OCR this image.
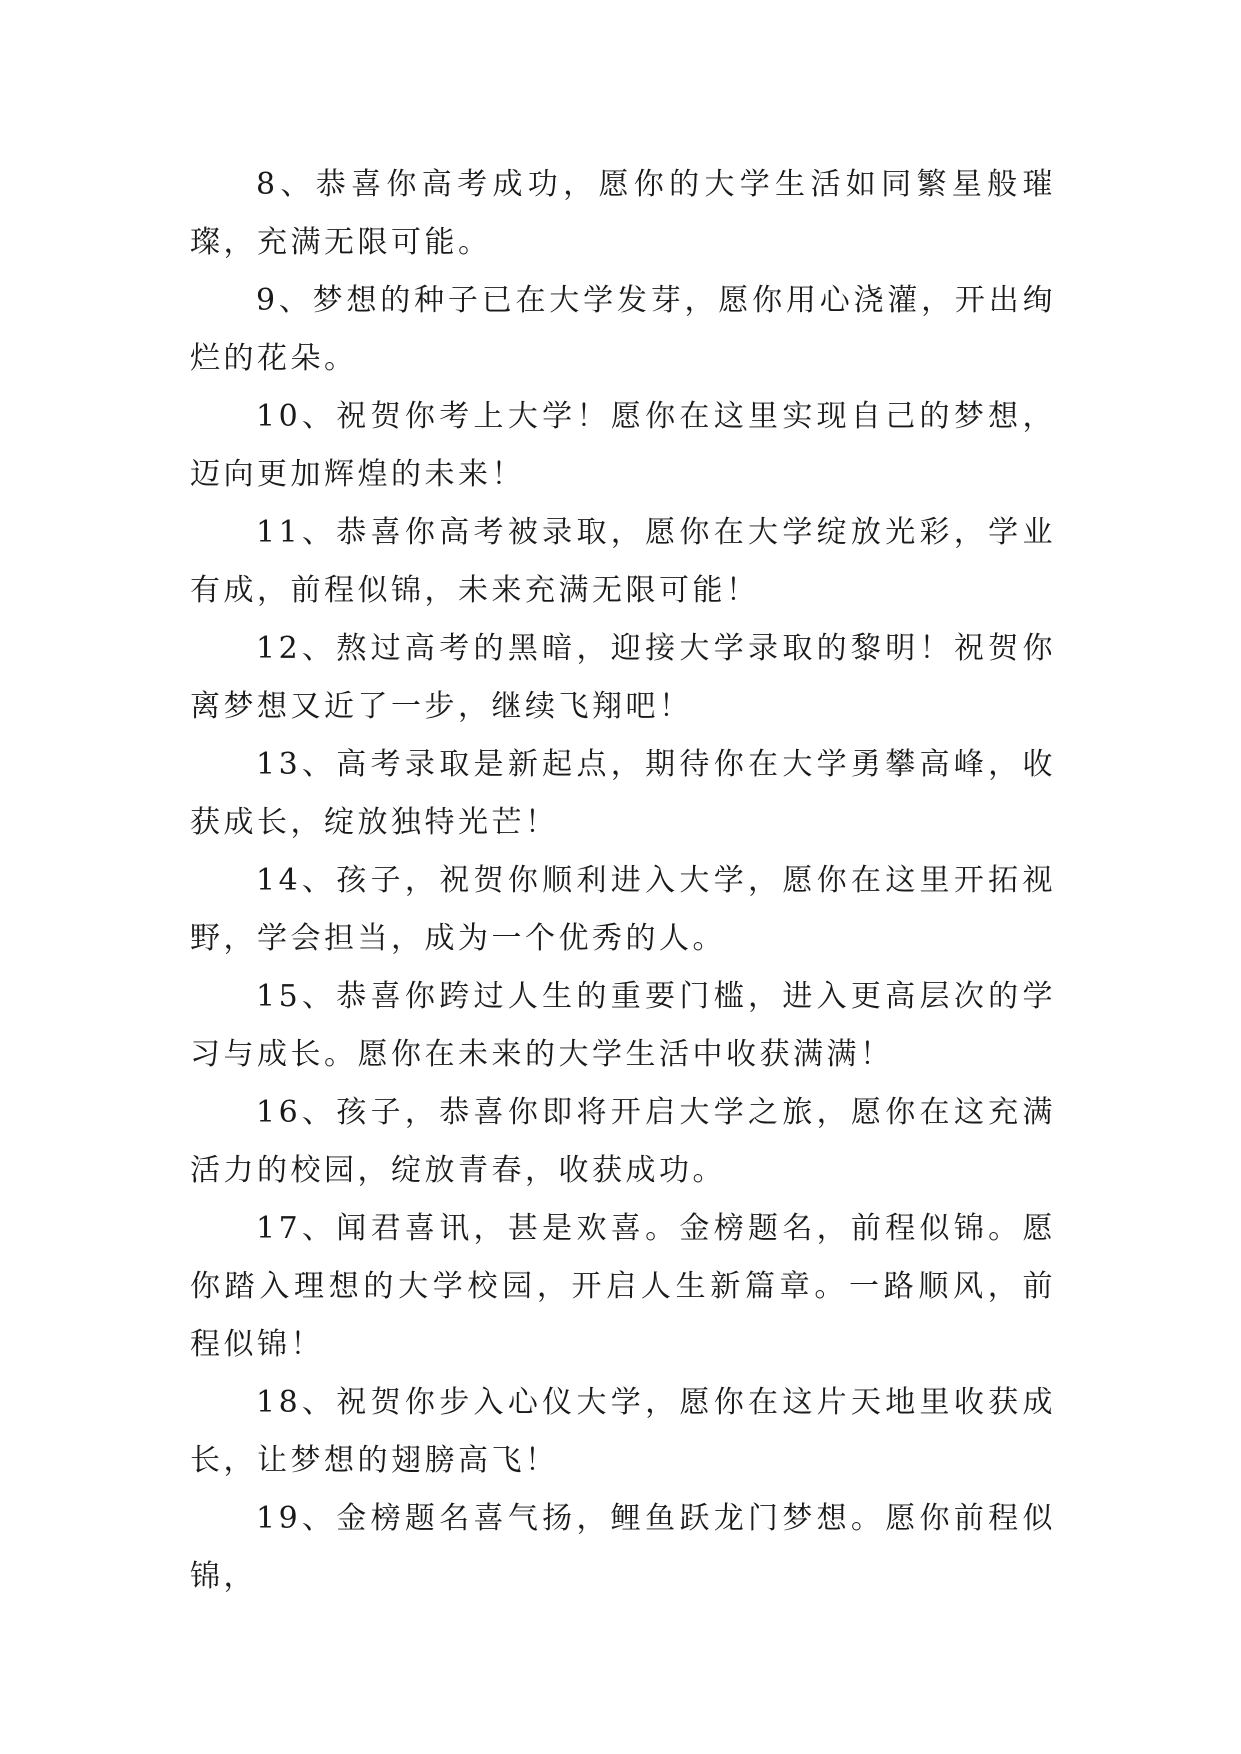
8、恭喜你高考成功，愿你的大学生活如同繁星般璀璨，充满无限可能。

9、梦想的种子已在大学发芽，愿你用心浇灌，开出绚烂的花朵。

10、祝贺你考上大学！愿你在这里实现自己的梦想，迈向更加辉煌的未来！

11、恭喜你高考被录取，愿你在大学绽放光彩，学业有成，前程似锦，未来充满无限可能！

12、熬过高考的黑暗，迎接大学录取的黎明！祝贺你离梦想又近了一步，继续飞翔吧！

13、高考录取是新起点，期待你在大学勇攀高峰，收获成长，绽放独特光芒！

14、孩子，祝贺你顺利进入大学，愿你在这里开拓视野，学会担当，成为一个优秀的人。

15、恭喜你跨过人生的重要门槛，进入更高层次的学习与成长。愿你在未来的大学生活中收获满满！

16、孩子，恭喜你即将开启大学之旅，愿你在这充满活力的校园，绽放青春，收获成功。

17、闻君喜讯，甚是欢喜。金榜题名，前程似锦。愿你踏入理想的大学校园，开启人生新篇章。一路顺风，前程似锦！

18、祝贺你步入心仪大学，愿你在这片天地里收获成长，让梦想的翅膀高飞！

19、金榜题名喜气扬，鲤鱼跃龙门梦想。愿你前程似锦，
